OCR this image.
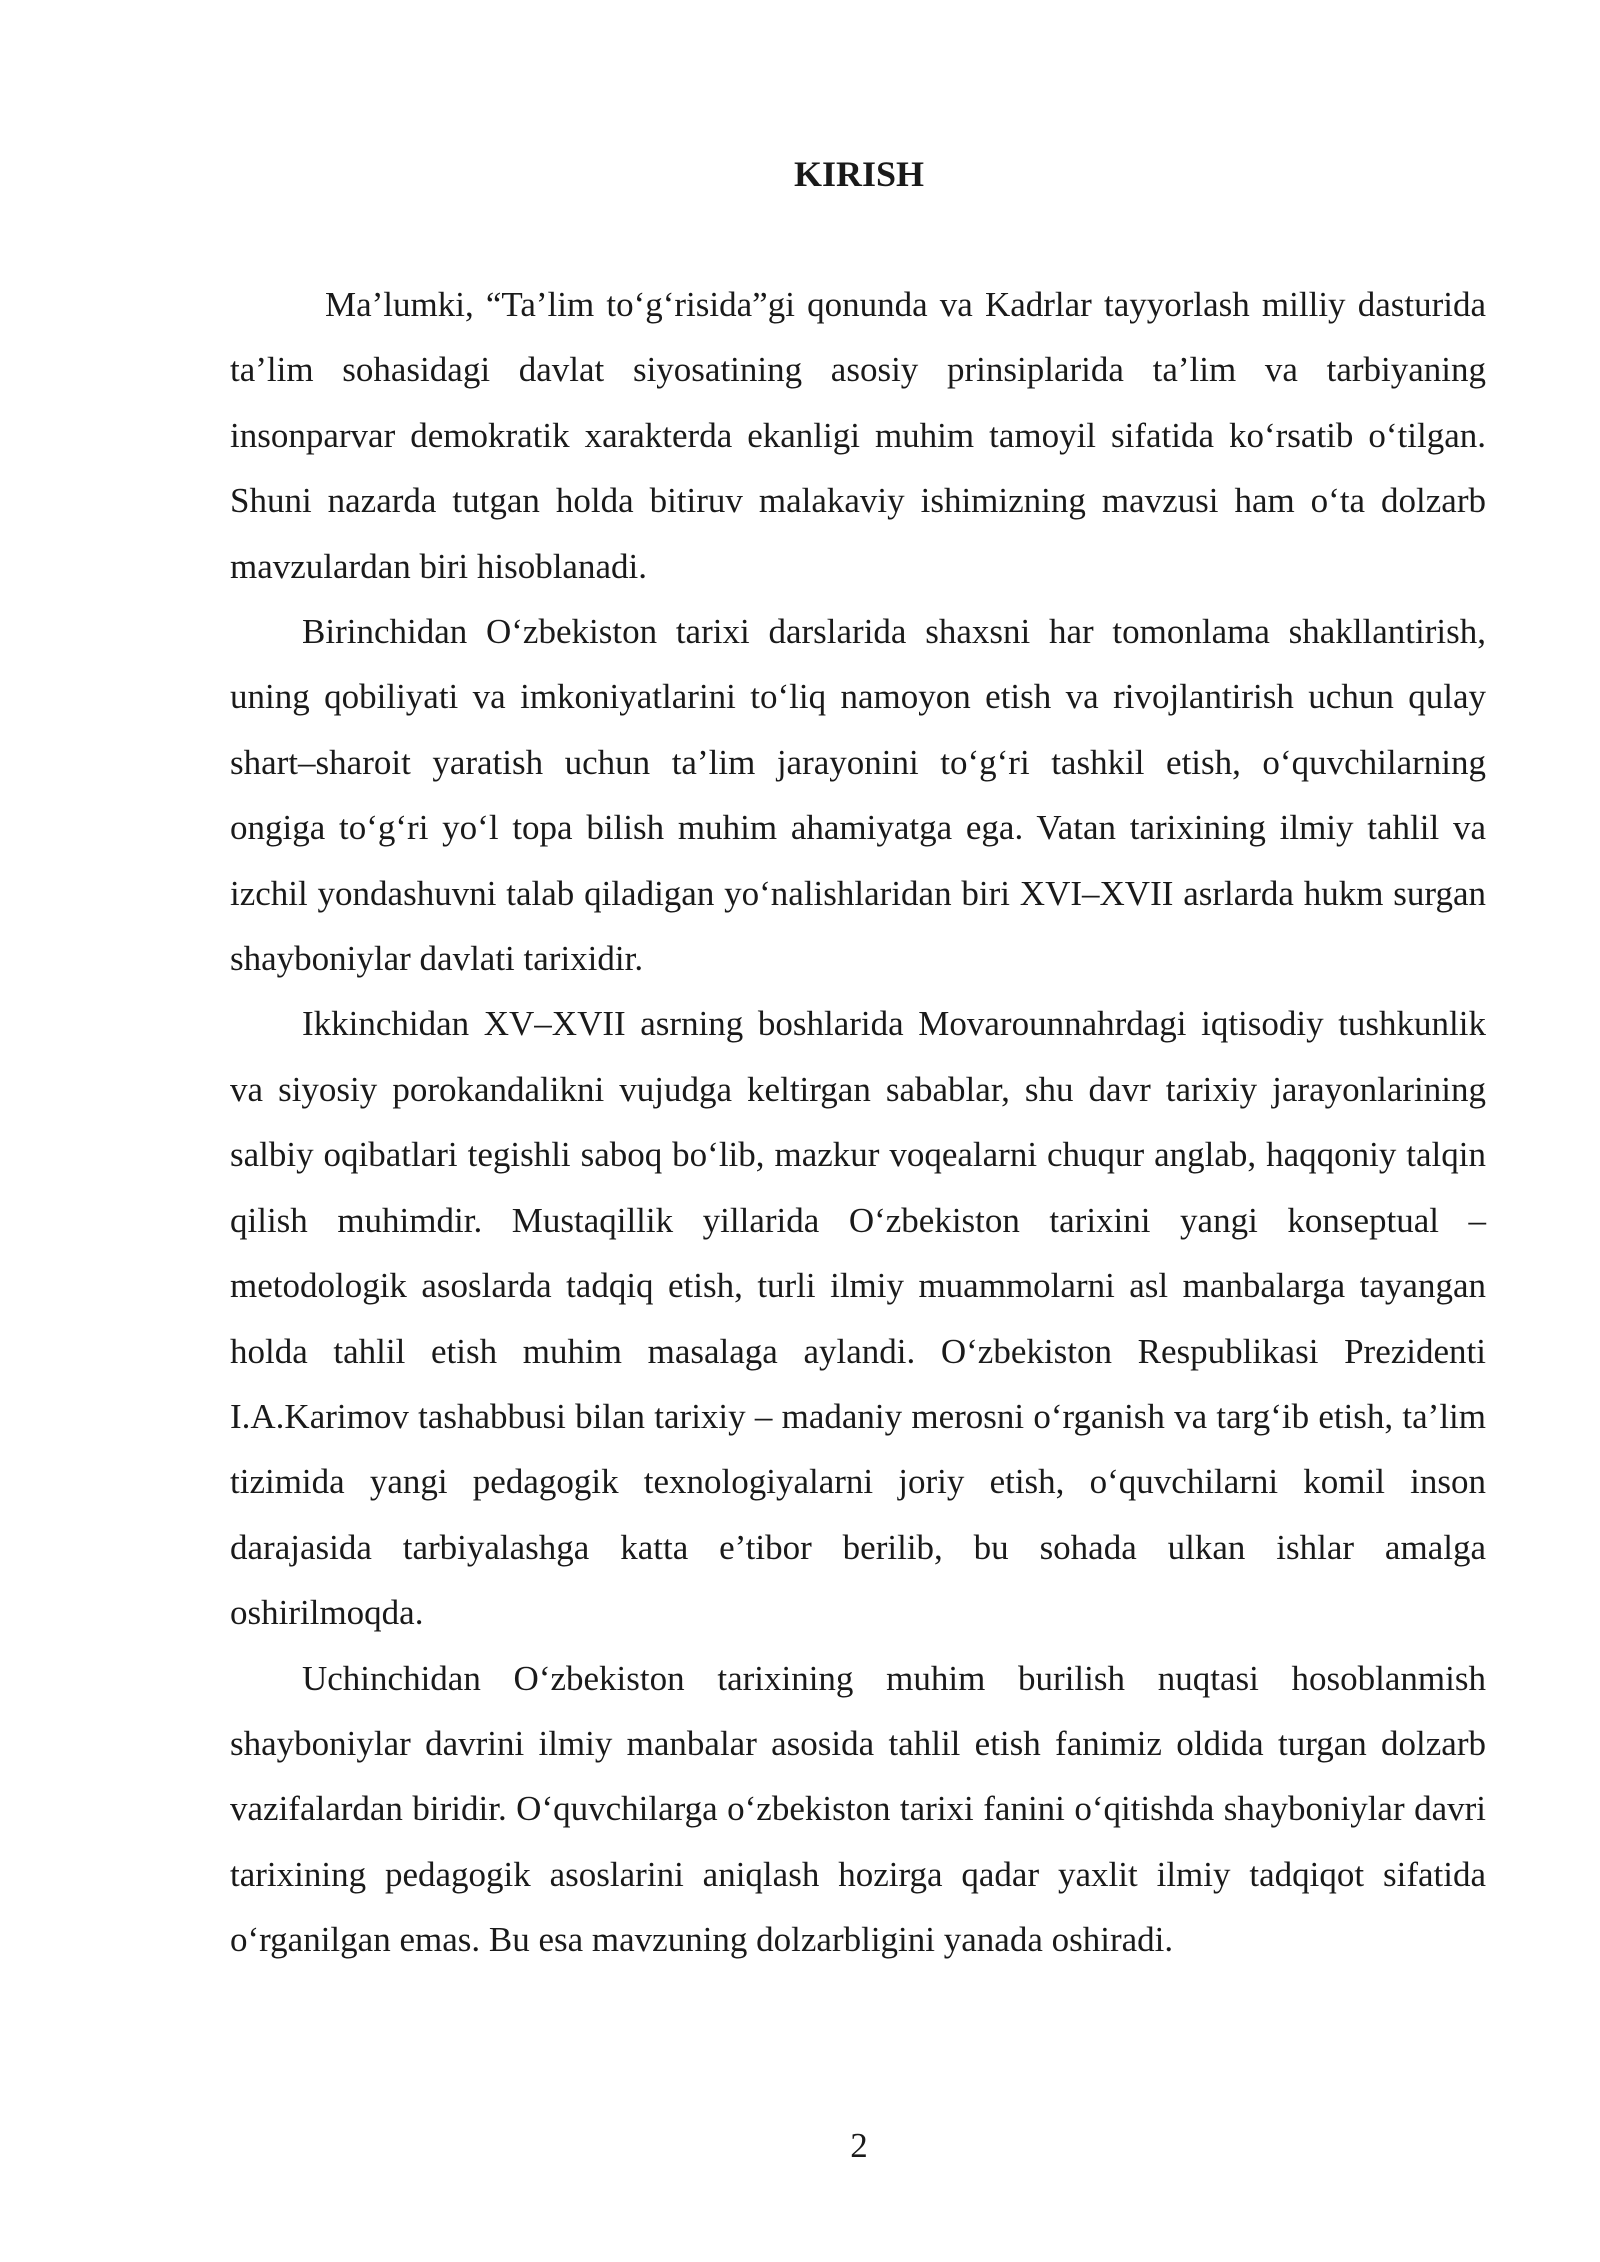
KIRISH

Ma’lumki, “Ta’lim to‘g‘risida”gi qonunda va Kadrlar tayyorlash milliy dasturida ta’lim sohasidagi davlat siyosatining asosiy prinsiplarida ta’lim va tarbiyaning insonparvar demokratik xarakterda ekanligi muhim tamoyil sifatida ko‘rsatib o‘tilgan. Shuni nazarda tutgan holda bitiruv malakaviy ishimizning mavzusi ham o‘ta dolzarb mavzulardan biri hisoblanadi.

Birinchidan O‘zbekiston tarixi darslarida shaxsni har tomonlama shakllantirish, uning qobiliyati va imkoniyatlarini to‘liq namoyon etish va rivojlantirish uchun qulay shart–sharoit yaratish uchun ta’lim jarayonini to‘g‘ri tashkil etish, o‘quvchilarning ongiga to‘g‘ri yo‘l topa bilish muhim ahamiyatga ega. Vatan tarixining ilmiy tahlil va izchil yondashuvni talab qiladigan yo‘nalishlaridan biri XVI–XVII asrlarda hukm surgan shayboniylar davlati tarixidir.

Ikkinchidan XV–XVII asrning boshlarida Movarounnahrdagi iqtisodiy tushkunlik va siyosiy porokandalikni vujudga keltirgan sabablar, shu davr tarixiy jarayonlarining salbiy oqibatlari tegishli saboq bo‘lib, mazkur voqealarni chuqur anglab, haqqoniy talqin qilish muhimdir. Mustaqillik yillarida O‘zbekiston tarixini yangi konseptual – metodologik asoslarda tadqiq etish, turli ilmiy muammolarni asl manbalarga tayangan holda tahlil etish muhim masalaga aylandi. O‘zbekiston Respublikasi Prezidenti I.A.Karimov tashabbusi bilan tarixiy – madaniy merosni o‘rganish va targ‘ib etish, ta’lim tizimida yangi pedagogik texnologiyalarni joriy etish, o‘quvchilarni komil inson darajasida tarbiyalashga katta e’tibor berilib, bu sohada ulkan ishlar amalga oshirilmoqda.

Uchinchidan O‘zbekiston tarixining muhim burilish nuqtasi hosoblanmish shayboniylar davrini ilmiy manbalar asosida tahlil etish fanimiz oldida turgan dolzarb vazifalardan biridir. O‘quvchilarga o‘zbekiston tarixi fanini o‘qitishda shayboniylar davri tarixining pedagogik asoslarini aniqlash hozirga qadar yaxlit ilmiy tadqiqot sifatida o‘rganilgan emas. Bu esa mavzuning dolzarbligini yanada oshiradi.

2
